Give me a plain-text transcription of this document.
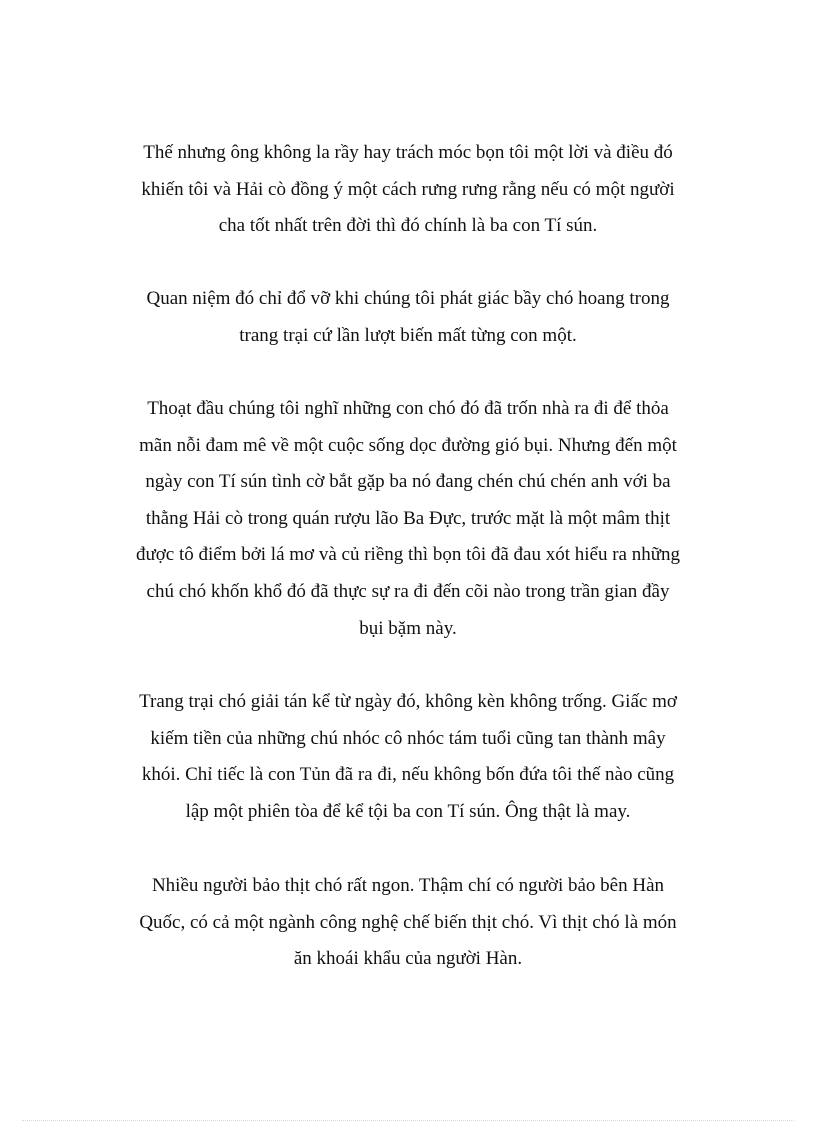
Thế nhưng ông không la rầy hay trách móc bọn tôi một lời và điều đó
khiến tôi và Hải cò đồng ý một cách rưng rưng rằng nếu có một người
cha tốt nhất trên đời thì đó chính là ba con Tí sún.

Quan niệm đó chỉ đổ vỡ khi chúng tôi phát giác bầy chó hoang trong
trang trại cứ lần lượt biến mất từng con một.

Thoạt đầu chúng tôi nghĩ những con chó đó đã trốn nhà ra đi để thỏa
mãn nỗi đam mê về một cuộc sống dọc đường gió bụi. Nhưng đến một
ngày con Tí sún tình cờ bắt gặp ba nó đang chén chú chén anh với ba
thằng Hải cò trong quán rượu lão Ba Đực, trước mặt là một mâm thịt
được tô điểm bởi lá mơ và củ riềng thì bọn tôi đã đau xót hiểu ra những
chú chó khốn khổ đó đã thực sự ra đi đến cõi nào trong trần gian đầy
bụi bặm này.

Trang trại chó giải tán kể từ ngày đó, không kèn không trống. Giấc mơ
kiếm tiền của những chú nhóc cô nhóc tám tuổi cũng tan thành mây
khói. Chỉ tiếc là con Tủn đã ra đi, nếu không bốn đứa tôi thế nào cũng
lập một phiên tòa để kể tội ba con Tí sún. Ông thật là may.

Nhiều người bảo thịt chó rất ngon. Thậm chí có người bảo bên Hàn
Quốc, có cả một ngành công nghệ chế biến thịt chó. Vì thịt chó là món
ăn khoái khẩu của người Hàn.
